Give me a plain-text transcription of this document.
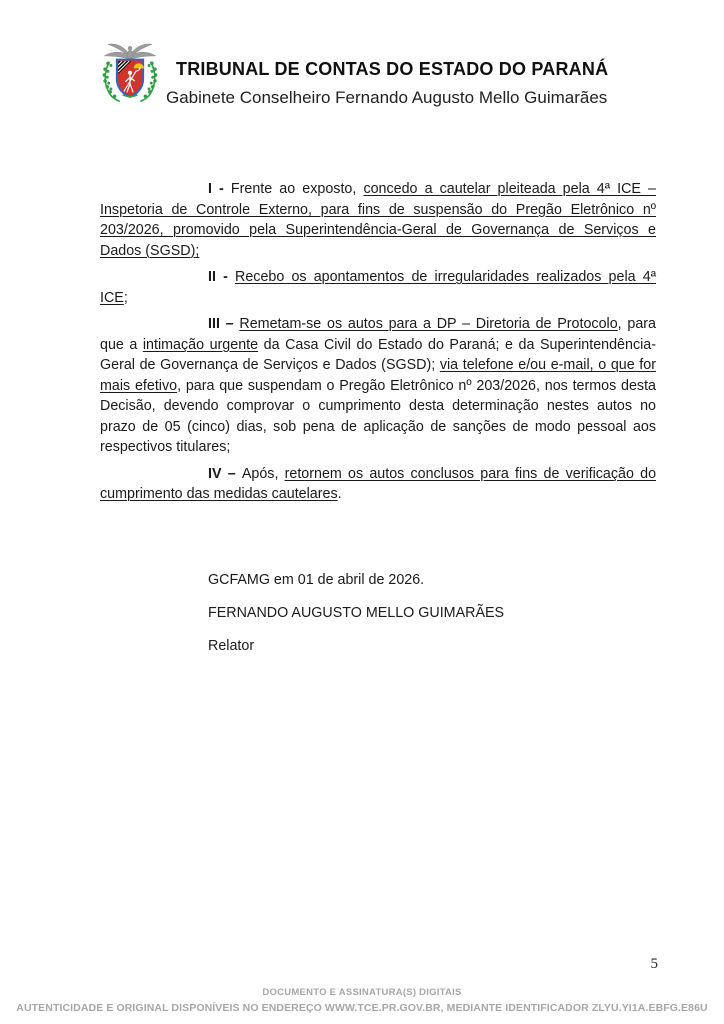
TRIBUNAL DE CONTAS DO ESTADO DO PARANÁ
Gabinete Conselheiro Fernando Augusto Mello Guimarães

I - Frente ao exposto, concedo a cautelar pleiteada pela 4ª ICE – Inspetoria de Controle Externo, para fins de suspensão do Pregão Eletrônico nº 203/2026, promovido pela Superintendência-Geral de Governança de Serviços e Dados (SGSD);

II - Recebo os apontamentos de irregularidades realizados pela 4ª ICE;

III – Remetam-se os autos para a DP – Diretoria de Protocolo, para que a intimação urgente da Casa Civil do Estado do Paraná; e da Superintendência-Geral de Governança de Serviços e Dados (SGSD); via telefone e/ou e-mail, o que for mais efetivo, para que suspendam o Pregão Eletrônico nº 203/2026, nos termos desta Decisão, devendo comprovar o cumprimento desta determinação nestes autos no prazo de 05 (cinco) dias, sob pena de aplicação de sanções de modo pessoal aos respectivos titulares;

IV – Após, retornem os autos conclusos para fins de verificação do cumprimento das medidas cautelares.

GCFAMG em 01 de abril de 2026.

FERNANDO AUGUSTO MELLO GUIMARÃES

Relator

5
DOCUMENTO E ASSINATURA(S) DIGITAIS
AUTENTICIDADE E ORIGINAL DISPONÍVEIS NO ENDEREÇO WWW.TCE.PR.GOV.BR, MEDIANTE IDENTIFICADOR ZLYU.YI1A.EBFG.E86U
